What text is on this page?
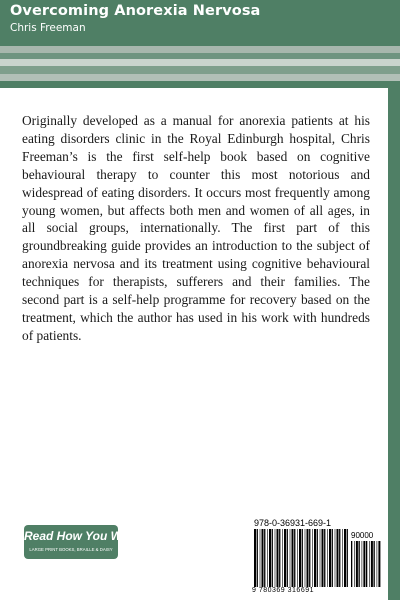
Overcoming Anorexia Nervosa
Chris Freeman

Originally developed as a manual for anorexia patients at his eating disorders clinic in the Royal Edinburgh hospital, Chris Freeman’s is the first self-help book based on cognitive behavioural therapy to counter this most notorious and widespread of eating disorders. It occurs most frequently among young women, but affects both men and women of all ages, in all social groups, internationally. The first part of this groundbreaking guide provides an introduction to the subject of anorexia nervosa and its treatment using cognitive behavioural techniques for therapists, sufferers and their families. The second part is a self-help programme for recovery based on the treatment, which the author has used in his work with hundreds of patients.

Read How You Want
LARGE PRINT BOOKS, BRAILLE & DAISY
978-0-36931-669-1
90000
9 780369 316691
